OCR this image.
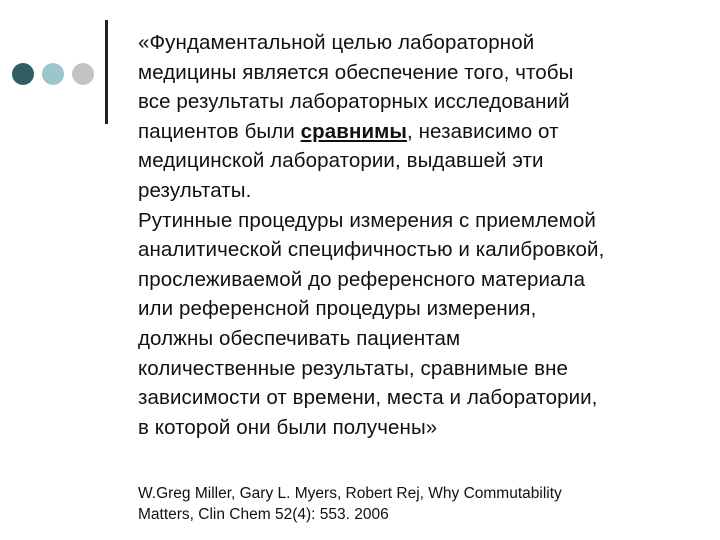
«Фундаментальной целью лабораторной
медицины является обеспечение того, чтобы
все результаты лабораторных исследований
пациентов были сравнимы, независимо от
медицинской лаборатории, выдавшей эти
результаты.
Рутинные процедуры измерения с приемлемой
аналитической специфичностью и калибровкой,
прослеживаемой до референсного материала
или референсной процедуры измерения,
должны обеспечивать пациентам
количественные результаты, сравнимые вне
зависимости от времени, места и лаборатории,
в которой они были получены»

W.Greg Miller, Gary L. Myers, Robert Rej, Why Commutability
Matters, Clin Chem 52(4): 553. 2006
